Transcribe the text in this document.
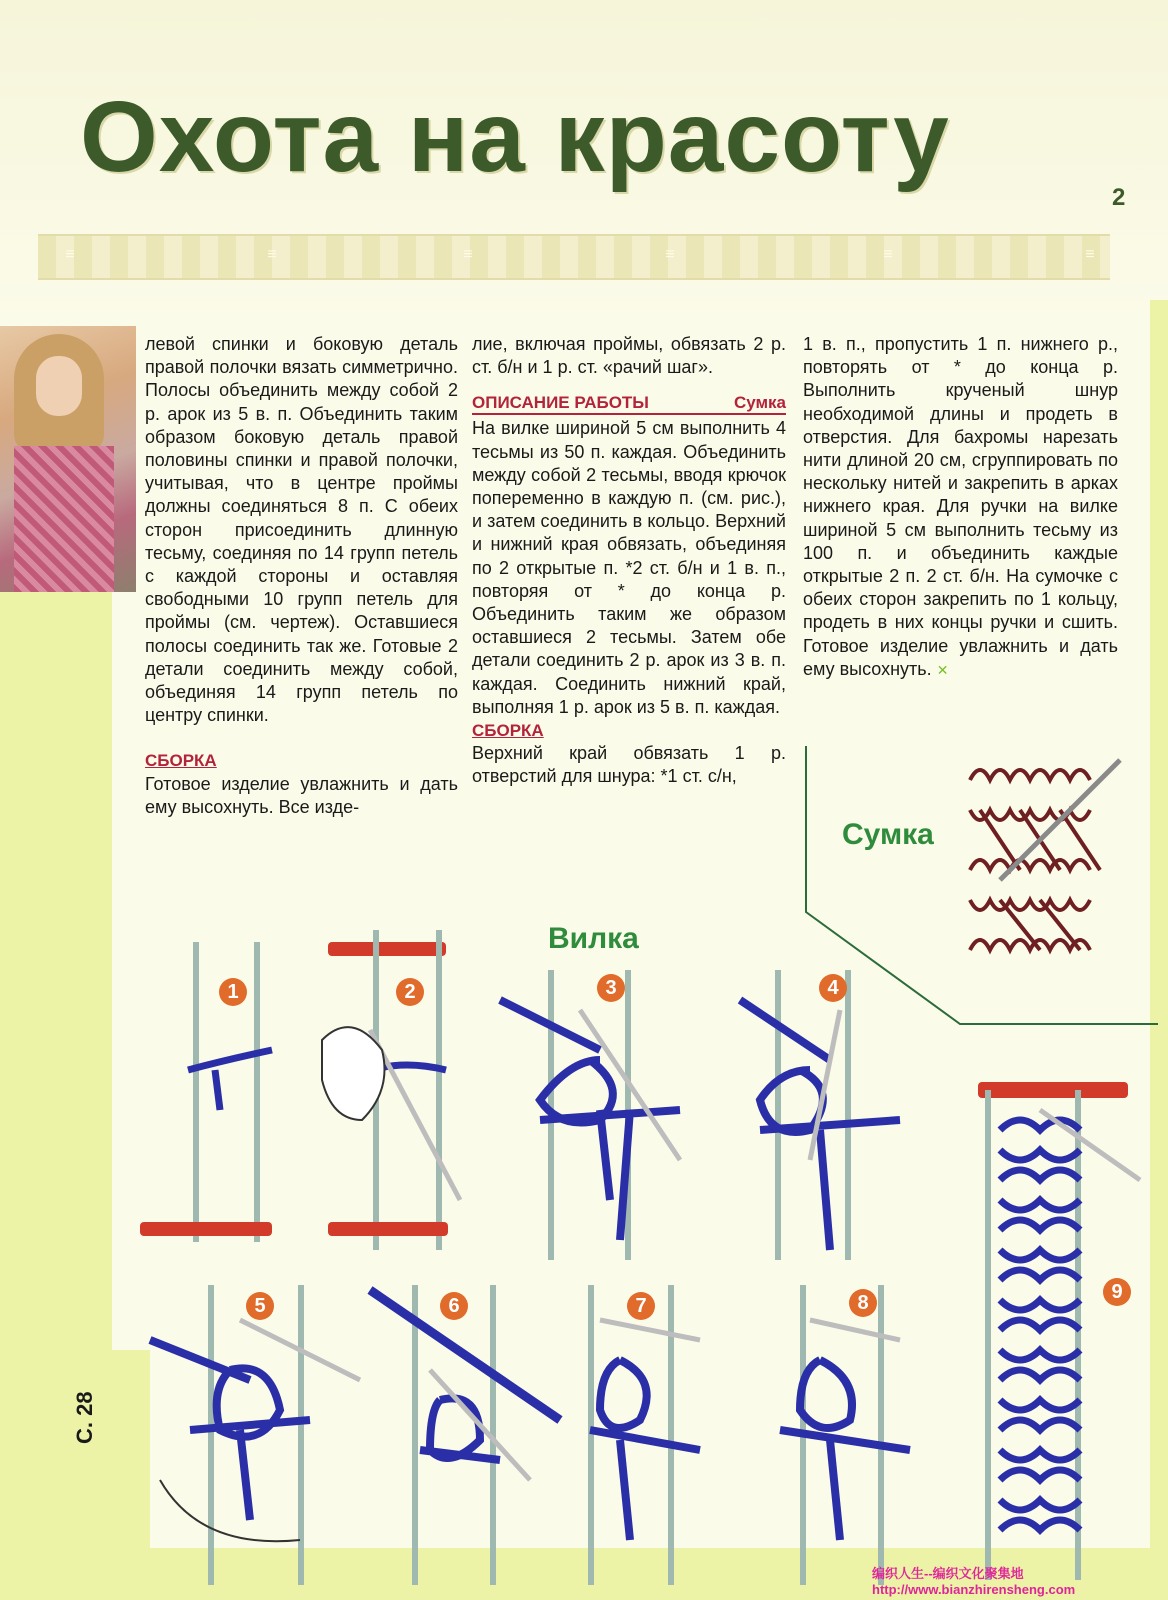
Охота на красоту
2
≡	≡	≡	≡	≡	≡

левой спинки и боковую деталь правой полочки вязать симметрично. Полосы объединить между собой 2 р. арок из 5 в. п. Объединить таким образом боковую деталь правой половины спинки и правой полочки, учитывая, что в центре проймы должны соединяться 8 п. С обеих сторон присоединить длинную тесьму, соединяя по 14 групп петель с каждой стороны и оставляя свободными 10 групп петель для проймы (см. чертеж). Оставшиеся полосы соединить так же. Готовые 2 детали соединить между собой, объединяя 14 групп петель по центру спинки.

СБОРКА

Готовое изделие увлажнить и дать ему высохнуть. Все изде-

лие, включая проймы, обвязать 2 р. ст. б/н и 1 р. ст. «рачий шаг».

ОПИСАНИЕ РАБОТЫ	Сумка

На вилке шириной 5 см выполнить 4 тесьмы из 50 п. каждая. Объединить между собой 2 тесьмы, вводя крючок попеременно в каждую п. (см. рис.), и затем соединить в кольцо. Верхний и нижний края обвязать, объединяя по 2 открытые п. *2 ст. б/н и 1 в. п., повторяя от * до конца р. Объединить таким же образом оставшиеся 2 тесьмы. Затем обе детали соединить 2 р. арок из 3 в. п. каждая. Соединить нижний край, выполняя 1 р. арок из 5 в. п. каждая.

СБОРКА

Верхний край обвязать 1 р. отверстий для шнура: *1 ст. с/н,

1 в. п., пропустить 1 п. нижнего р., повторять от * до конца р. Выполнить крученый шнур необходимой длины и продеть в отверстия. Для бахромы нарезать нити длиной 20 см, сгруппировать по нескольку нитей и закрепить в арках нижнего края. Для ручки на вилке шириной 5 см выполнить тесьму из 100 п. и объединить каждые открытые 2 п. 2 ст. б/н. На сумочке с обеих сторон закрепить по 1 кольцу, продеть в них концы ручки и сшить. Готовое изделие увлажнить и дать ему высохнуть. ✕

Сумка
Вилка
1	2	3	4
5	6	7	8	9
С. 28
编织人生--编织文化聚集地
http://www.bianzhirensheng.com
